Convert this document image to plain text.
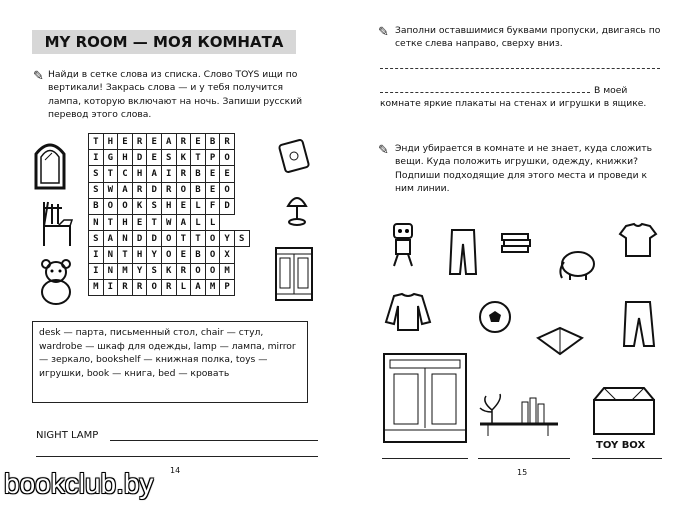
MY ROOM — МОЯ КОМНАТА
✎ Найди в сетке слова из списка. Слово TOYS ищи по вертикали! Закрась слова — и у тебя получится лампа, которую включают на ночь. Запиши русский перевод этого слова.
T	H	E	R	E	A	R	E	B	R	
I	G	H	D	E	S	K	T	P	O	
S	T	C	H	A	I	R	B	E	E	
S	W	A	R	D	R	O	B	E	O	
B	O	O	K	S	H	E	L	F	D	
N	T	H	E	T	W	A	L	L		
S	A	N	D	D	O	T	T	O	Y	S
I	N	T	H	Y	O	E	B	O	X	
I	N	M	Y	S	K	R	O	O	M	
M	I	R	R	O	R	L	A	M	P	
desk — парта, письменный стол, chair — стул, wardrobe — шкаф для одежды, lamp — лампа, mirror — зеркало, bookshelf — книжная полка, toys — игрушки, book — книга, bed — кровать
NIGHT LAMP
14
✎ Заполни оставшимися буквами пропуски, двигаясь по сетке слева направо, сверху вниз.
В моей комнате яркие плакаты на стенах и игрушки в ящике.
✎ Энди убирается в комнате и не знает, куда сложить вещи. Куда положить игрушки, одежду, книжки? Подпиши подходящие для этого места и проведи к ним линии.
TOY BOX
15
bookclub.by
